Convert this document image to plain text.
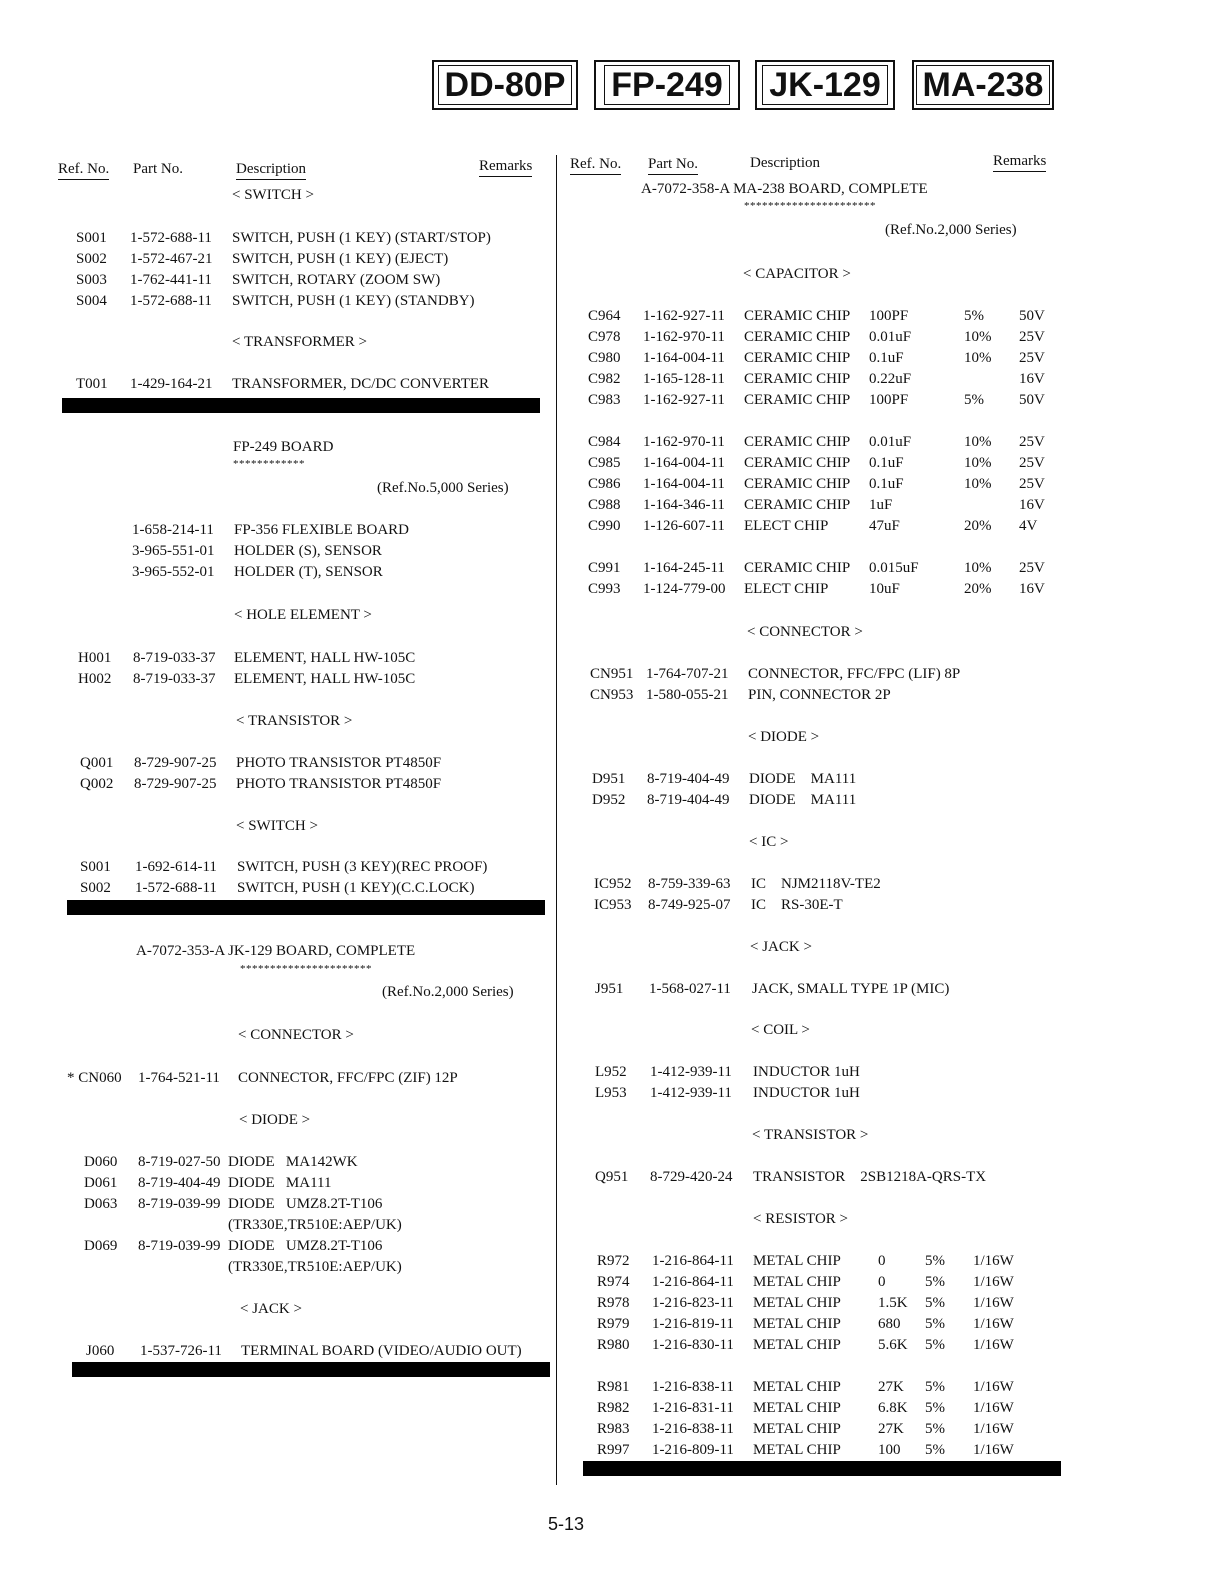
DD-80P FP-249 JK-129 MA-238
Ref. No. Part No.	Description	Remarks	Ref. No. Part No.	Description	Remarks
< SWITCH >
S001 1-572-688-11 SWITCH, PUSH (1 KEY) (START/STOP)
S002 1-572-467-21 SWITCH, PUSH (1 KEY) (EJECT)
S003 1-762-441-11 SWITCH, ROTARY (ZOOM SW)
S004 1-572-688-11 SWITCH, PUSH (1 KEY) (STANDBY)
< TRANSFORMER >
T001 1-429-164-21 TRANSFORMER, DC/DC CONVERTER
FP-249 BOARD
************
(Ref.No.5,000 Series)
1-658-214-11 FP-356 FLEXIBLE BOARD
3-965-551-01 HOLDER (S), SENSOR
3-965-552-01 HOLDER (T), SENSOR
< HOLE ELEMENT >
H001 8-719-033-37 ELEMENT, HALL HW-105C
H002 8-719-033-37 ELEMENT, HALL HW-105C
< TRANSISTOR >
Q001 8-729-907-25 PHOTO TRANSISTOR PT4850F
Q002 8-729-907-25 PHOTO TRANSISTOR PT4850F
< SWITCH >
S001 1-692-614-11 SWITCH, PUSH (3 KEY)(REC PROOF)
S002 1-572-688-11 SWITCH, PUSH (1 KEY)(C.C.LOCK)
A-7072-353-A JK-129 BOARD, COMPLETE
**********************
(Ref.No.2,000 Series)
< CONNECTOR >
* CN060 1-764-521-11 CONNECTOR, FFC/FPC (ZIF) 12P
< DIODE >
D060 8-719-027-50 DIODE   MA142WK
D061 8-719-404-49 DIODE   MA111
D063 8-719-039-99 DIODE   UMZ8.2T-T106
(TR330E,TR510E:AEP/UK)
D069 8-719-039-99 DIODE   UMZ8.2T-T106
(TR330E,TR510E:AEP/UK)
< JACK >
J060 1-537-726-11 TERMINAL BOARD (VIDEO/AUDIO OUT)
A-7072-358-A MA-238 BOARD, COMPLETE
**********************
(Ref.No.2,000 Series)
< CAPACITOR >
C964 1-162-927-11 CERAMIC CHIP 100PF	5% 50V
C978 1-162-970-11 CERAMIC CHIP 0.01uF	10% 25V
C980 1-164-004-11 CERAMIC CHIP 0.1uF	10% 25V
C982 1-165-128-11 CERAMIC CHIP 0.22uF	16V
C983 1-162-927-11 CERAMIC CHIP 100PF	5% 50V
C984 1-162-970-11 CERAMIC CHIP 0.01uF	10% 25V
C985 1-164-004-11 CERAMIC CHIP 0.1uF	10% 25V
C986 1-164-004-11 CERAMIC CHIP 0.1uF	10% 25V
C988 1-164-346-11 CERAMIC CHIP 1uF	16V
C990 1-126-607-11 ELECT CHIP	47uF	20% 4V
C991 1-164-245-11 CERAMIC CHIP 0.015uF	10% 25V
C993 1-124-779-00 ELECT CHIP	10uF	20% 16V
< CONNECTOR >
CN951 1-764-707-21 CONNECTOR, FFC/FPC (LIF) 8P
CN953 1-580-055-21 PIN, CONNECTOR 2P
< DIODE >
D951 8-719-404-49 DIODE    MA111
D952 8-719-404-49 DIODE    MA111
< IC >
IC952 8-759-339-63 IC    NJM2118V-TE2
IC953 8-749-925-07 IC    RS-30E-T
< JACK >
J951 1-568-027-11 JACK, SMALL TYPE 1P (MIC)
< COIL >
L952 1-412-939-11 INDUCTOR 1uH
L953 1-412-939-11 INDUCTOR 1uH
< TRANSISTOR >
Q951 8-729-420-24 TRANSISTOR    2SB1218A-QRS-TX
< RESISTOR >
R972 1-216-864-11 METAL CHIP 0	5% 1/16W
R974 1-216-864-11 METAL CHIP 0	5% 1/16W
R978 1-216-823-11 METAL CHIP 1.5K 5% 1/16W
R979 1-216-819-11 METAL CHIP 680 5% 1/16W
R980 1-216-830-11 METAL CHIP 5.6K 5% 1/16W
R981 1-216-838-11 METAL CHIP 27K 5% 1/16W
R982 1-216-831-11 METAL CHIP 6.8K 5% 1/16W
R983 1-216-838-11 METAL CHIP 27K 5% 1/16W
R997 1-216-809-11 METAL CHIP 100 5% 1/16W
5-13
